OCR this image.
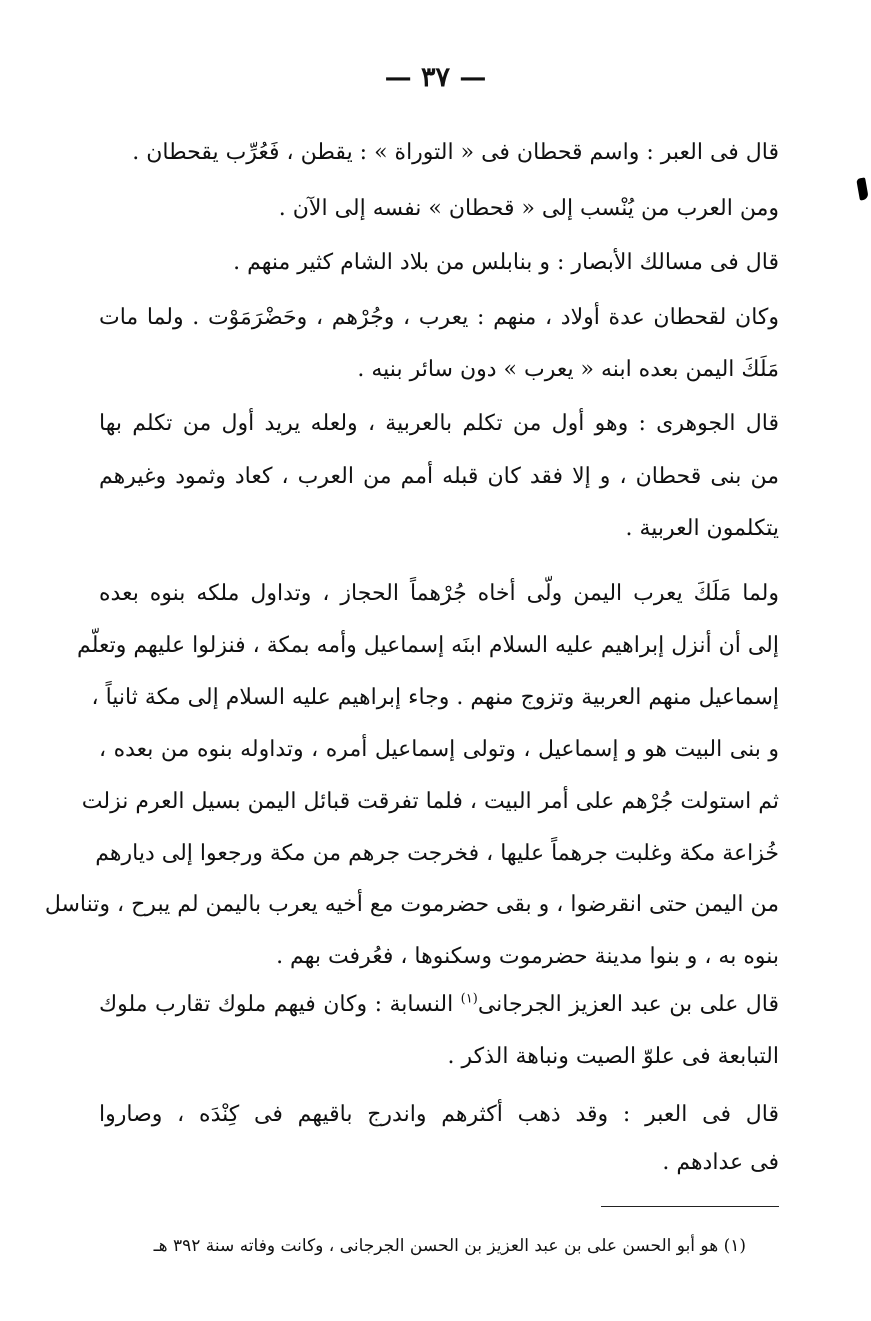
— ٣٧ —
قال فى العبر : واسم قحطان فى « التوراة » : يقطن ، فَعُرِّب يقحطان .
ومن العرب من يُنْسب إلى « قحطان » نفسه إلى الآن .
قال فى مسالك الأبصار : و بنابلس من بلاد الشام كثير منهم .
وكان لقحطان عدة أولاد ، منهم : يعرب ، وجُرْهم ، وحَضْرَمَوْت . ولما مات
مَلَكَ اليمن بعده ابنه « يعرب » دون سائر بنيه .
قال الجوهرى : وهو أول من تكلم بالعربية ، ولعله يريد أول من تكلم بها
من بنى قحطان ، و إلا فقد كان قبله أمم من العرب ، كعاد وثمود وغيرهم
يتكلمون العربية .
ولما مَلَكَ يعرب اليمن ولّى أخاه جُرْهماً الحجاز ، وتداول ملكه بنوه بعده
إلى أن أنزل إبراهيم عليه السلام ابنَه إسماعيل وأمه بمكة ، فنزلوا عليهم وتعلّم
إسماعيل منهم العربية وتزوج منهم . وجاء إبراهيم عليه السلام إلى مكة ثانياً ،
و بنى البيت هو و إسماعيل ، وتولى إسماعيل أمره ، وتداوله بنوه من بعده ،
ثم استولت جُرْهم على أمر البيت ، فلما تفرقت قبائل اليمن بسيل العرم نزلت
خُزاعة مكة وغلبت جرهماً عليها ، فخرجت جرهم من مكة ورجعوا إلى ديارهم
من اليمن حتى انقرضوا ، و بقى حضرموت مع أخيه يعرب باليمن لم يبرح ، وتناسل
بنوه به ، و بنوا مدينة حضرموت وسكنوها ، فعُرفت بهم .
قال على بن عبد العزيز الجرجانى$^{(١)}$ النسابة : وكان فيهم ملوك تقارب ملوك
التبابعة فى علوّ الصيت ونباهة الذكر .
قال فى العبر : وقد ذهب أكثرهم واندرج باقيهم فى كِنْدَه ، وصاروا
فى عدادهم .
(١) هو أبو الحسن على بن عبد العزيز بن الحسن الجرجانى ، وكانت وفاته سنة ٣٩٢ هـ
